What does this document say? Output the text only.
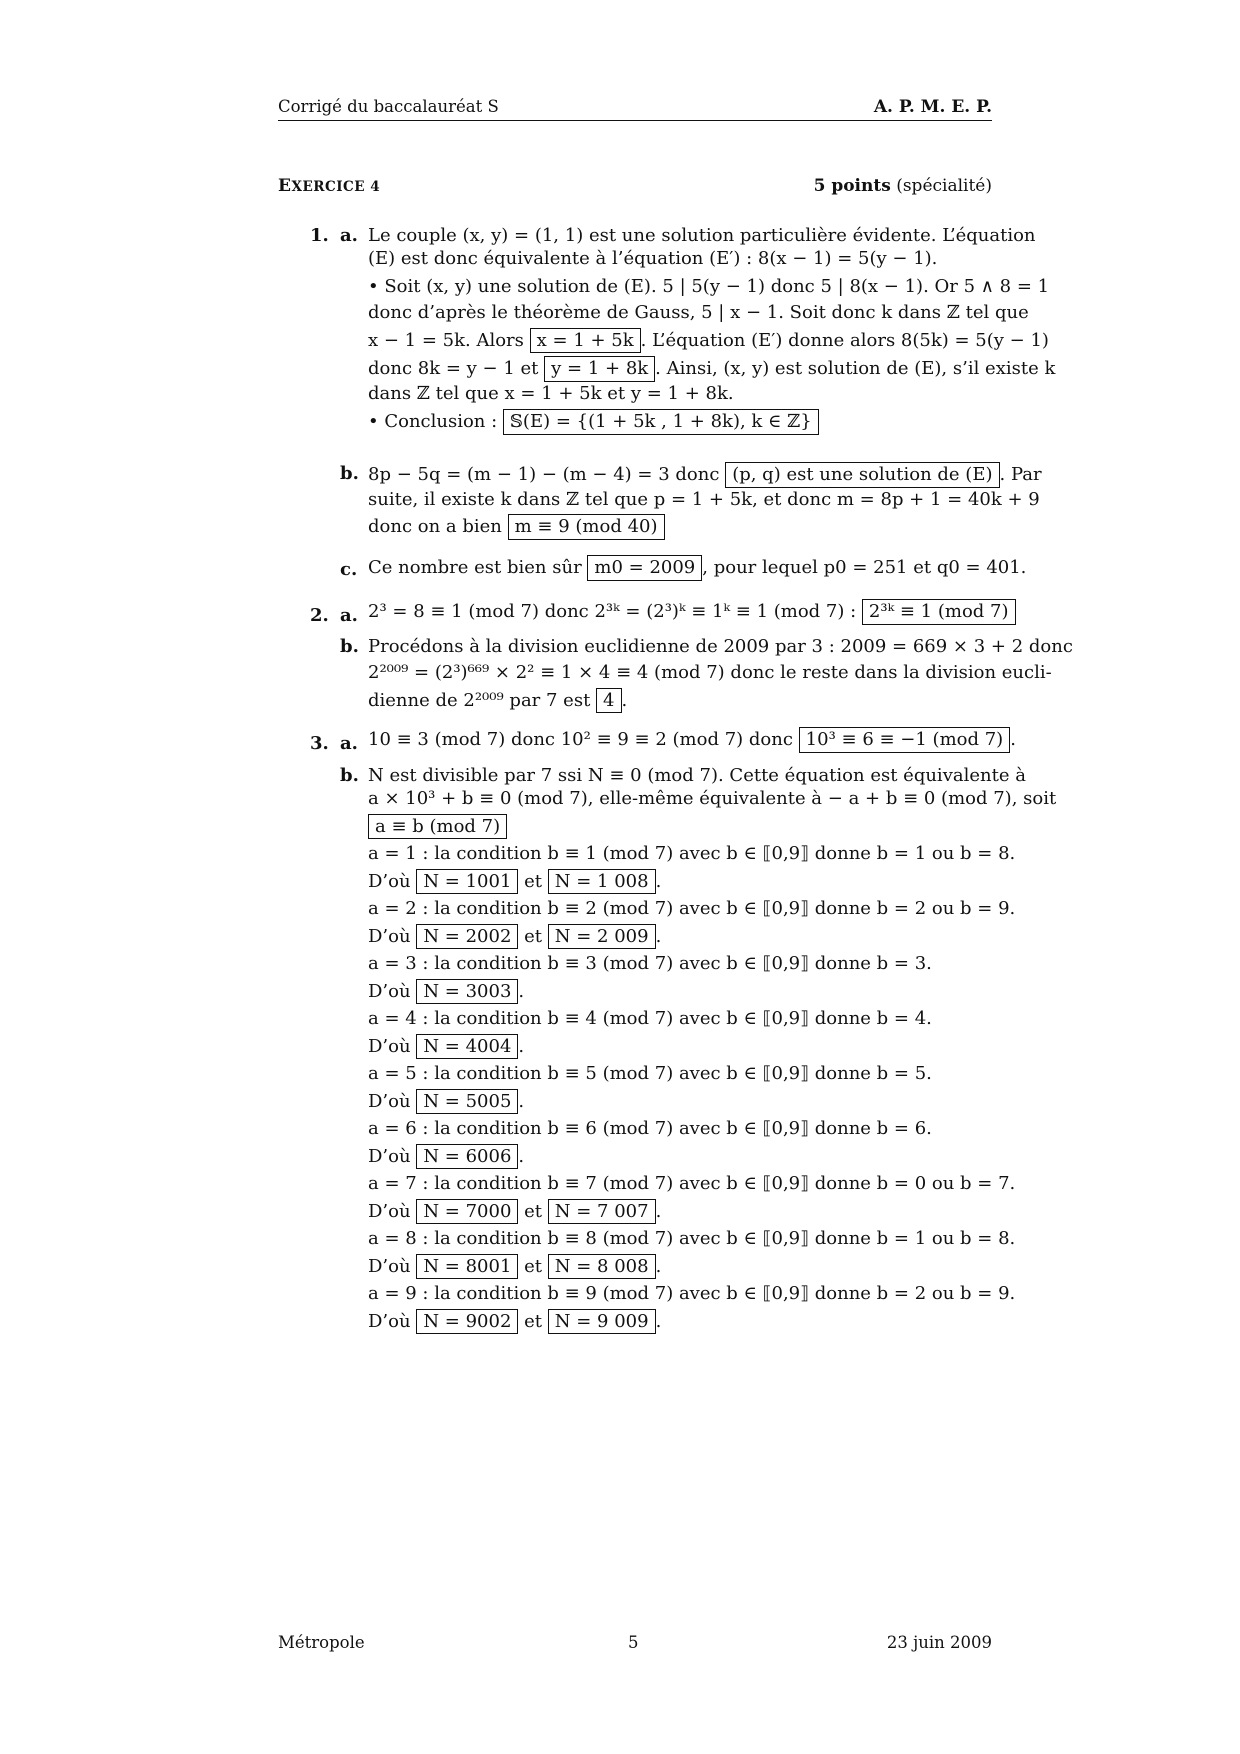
Corrigé du baccalauréat S	A. P. M. E. P.
EXERCICE 4	5 points (spécialité)
1. a. Le couple (x, y) = (1, 1) est une solution particulière évidente. L’équation
(E) est donc équivalente à l’équation (E′) : 8(x − 1) = 5(y − 1).
• Soit (x, y) une solution de (E). 5 | 5(y − 1) donc 5 | 8(x − 1). Or 5 ∧ 8 = 1
donc d’après le théorème de Gauss, 5 | x − 1. Soit donc k dans ℤ tel que
x − 1 = 5k. Alors x = 1 + 5k . L’équation (E′) donne alors 8(5k) = 5(y − 1)
donc 8k = y − 1 et y = 1 + 8k . Ainsi, (x, y) est solution de (E), s’il existe k
dans ℤ tel que x = 1 + 5k et y = 1 + 8k.
• Conclusion : 𝕊(E) = {(1 + 5k , 1 + 8k), k ∈ ℤ}
b. 8p − 5q = (m − 1) − (m − 4) = 3 donc (p, q) est une solution de (E) . Par
suite, il existe k dans ℤ tel que p = 1 + 5k, et donc m = 8p + 1 = 40k + 9
donc on a bien m ≡ 9 (mod 40)
c. Ce nombre est bien sûr m0 = 2009 , pour lequel p0 = 251 et q0 = 401.
2. a. 2³ = 8 ≡ 1 (mod 7) donc 2³ᵏ = (2³)ᵏ ≡ 1ᵏ ≡ 1 (mod 7) : 2³ᵏ ≡ 1 (mod 7)
b. Procédons à la division euclidienne de 2009 par 3 : 2009 = 669 × 3 + 2 donc
2²⁰⁰⁹ = (2³)⁶⁶⁹ × 2² ≡ 1 × 4 ≡ 4 (mod 7) donc le reste dans la division eucli-
dienne de 2²⁰⁰⁹ par 7 est 4 .
3. a. 10 ≡ 3 (mod 7) donc 10² ≡ 9 ≡ 2 (mod 7) donc 10³ ≡ 6 ≡ −1 (mod 7) .
b. N est divisible par 7 ssi N ≡ 0 (mod 7). Cette équation est équivalente à
a × 10³ + b ≡ 0 (mod 7), elle-même équivalente à − a + b ≡ 0 (mod 7), soit
a ≡ b (mod 7)
a = 1 : la condition b ≡ 1 (mod 7) avec b ∈ ⟦0,9⟧ donne b = 1 ou b = 8.
D’où N = 1001 et N = 1 008 .
a = 2 : la condition b ≡ 2 (mod 7) avec b ∈ ⟦0,9⟧ donne b = 2 ou b = 9.
D’où N = 2002 et N = 2 009 .
a = 3 : la condition b ≡ 3 (mod 7) avec b ∈ ⟦0,9⟧ donne b = 3.
D’où N = 3003 .
a = 4 : la condition b ≡ 4 (mod 7) avec b ∈ ⟦0,9⟧ donne b = 4.
D’où N = 4004 .
a = 5 : la condition b ≡ 5 (mod 7) avec b ∈ ⟦0,9⟧ donne b = 5.
D’où N = 5005 .
a = 6 : la condition b ≡ 6 (mod 7) avec b ∈ ⟦0,9⟧ donne b = 6.
D’où N = 6006 .
a = 7 : la condition b ≡ 7 (mod 7) avec b ∈ ⟦0,9⟧ donne b = 0 ou b = 7.
D’où N = 7000 et N = 7 007 .
a = 8 : la condition b ≡ 8 (mod 7) avec b ∈ ⟦0,9⟧ donne b = 1 ou b = 8.
D’où N = 8001 et N = 8 008 .
a = 9 : la condition b ≡ 9 (mod 7) avec b ∈ ⟦0,9⟧ donne b = 2 ou b = 9.
D’où N = 9002 et N = 9 009 .
Métropole	5	23 juin 2009
